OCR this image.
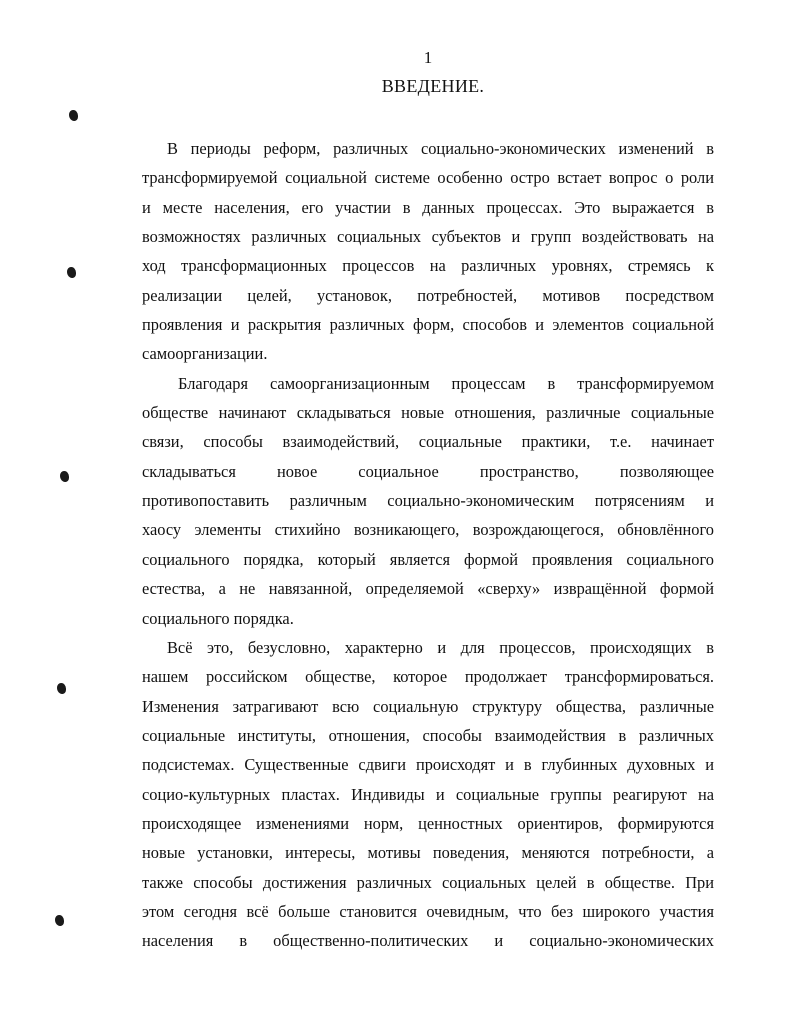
1
ВВЕДЕНИЕ.
В периоды реформ, различных социально-экономических изменений в
трансформируемой социальной системе особенно остро встает вопрос о роли
и месте населения, его участии в данных процессах. Это выражается в
возможностях различных социальных субъектов и групп воздействовать на
ход трансформационных процессов на различных уровнях, стремясь к
реализации целей, установок, потребностей, мотивов посредством
проявления и раскрытия различных форм, способов и элементов социальной
самоорганизации.
Благодаря самоорганизационным процессам в трансформируемом
обществе начинают складываться новые отношения, различные социальные
связи, способы взаимодействий, социальные практики, т.е. начинает
складываться новое социальное пространство, позволяющее
противопоставить различным социально-экономическим потрясениям и
хаосу элементы стихийно возникающего, возрождающегося, обновлённого
социального порядка, который является формой проявления социального
естества, а не навязанной, определяемой «сверху» извращённой формой
социального порядка.
Всё это, безусловно, характерно и для процессов, происходящих в
нашем российском обществе, которое продолжает трансформироваться.
Изменения затрагивают всю социальную структуру общества, различные
социальные институты, отношения, способы взаимодействия в различных
подсистемах. Существенные сдвиги происходят и в глубинных духовных и
социо-культурных пластах. Индивиды и социальные группы реагируют на
происходящее изменениями норм, ценностных ориентиров, формируются
новые установки, интересы, мотивы поведения, меняются потребности, а
также способы достижения различных социальных целей в обществе. При
этом сегодня всё больше становится очевидным, что без широкого участия
населения в общественно-политических и социально-экономических
